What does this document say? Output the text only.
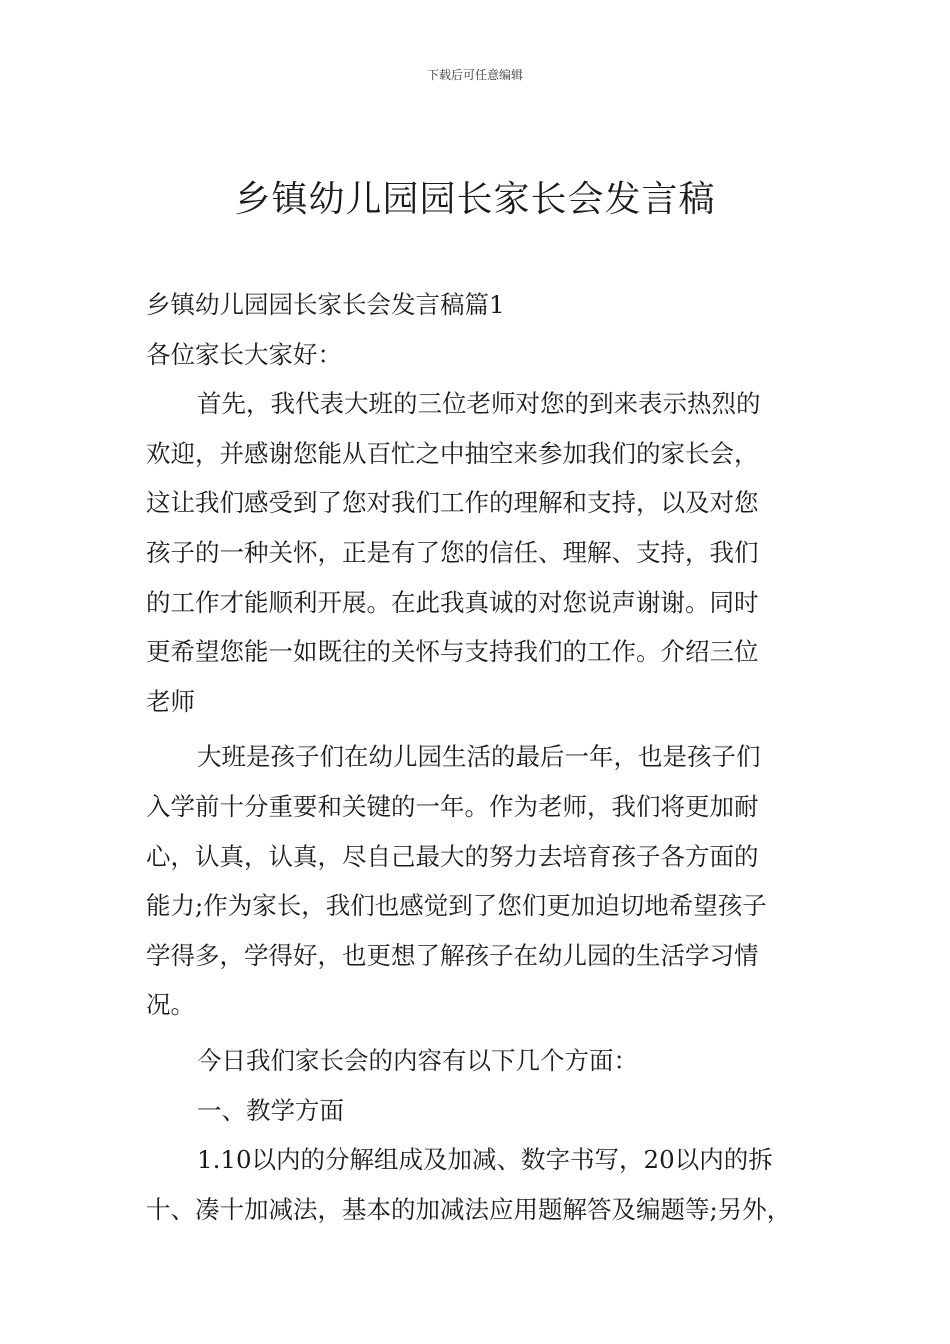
下载后可任意编辑
乡镇幼儿园园长家长会发言稿
乡镇幼儿园园长家长会发言稿篇1
各位家长大家好：
首先，我代表大班的三位老师对您的到来表示热烈的
欢迎，并感谢您能从百忙之中抽空来参加我们的家长会，
这让我们感受到了您对我们工作的理解和支持，以及对您
孩子的一种关怀，正是有了您的信任、理解、支持，我们
的工作才能顺利开展。在此我真诚的对您说声谢谢。同时
更希望您能一如既往的关怀与支持我们的工作。介绍三位
老师
大班是孩子们在幼儿园生活的最后一年，也是孩子们
入学前十分重要和关键的一年。作为老师，我们将更加耐
心，认真，认真，尽自己最大的努力去培育孩子各方面的
能力;作为家长，我们也感觉到了您们更加迫切地希望孩子
学得多，学得好，也更想了解孩子在幼儿园的生活学习情
况。
今日我们家长会的内容有以下几个方面：
一、教学方面
1.10以内的分解组成及加减、数字书写，20以内的拆
十、凑十加减法，基本的加减法应用题解答及编题等;另外，
